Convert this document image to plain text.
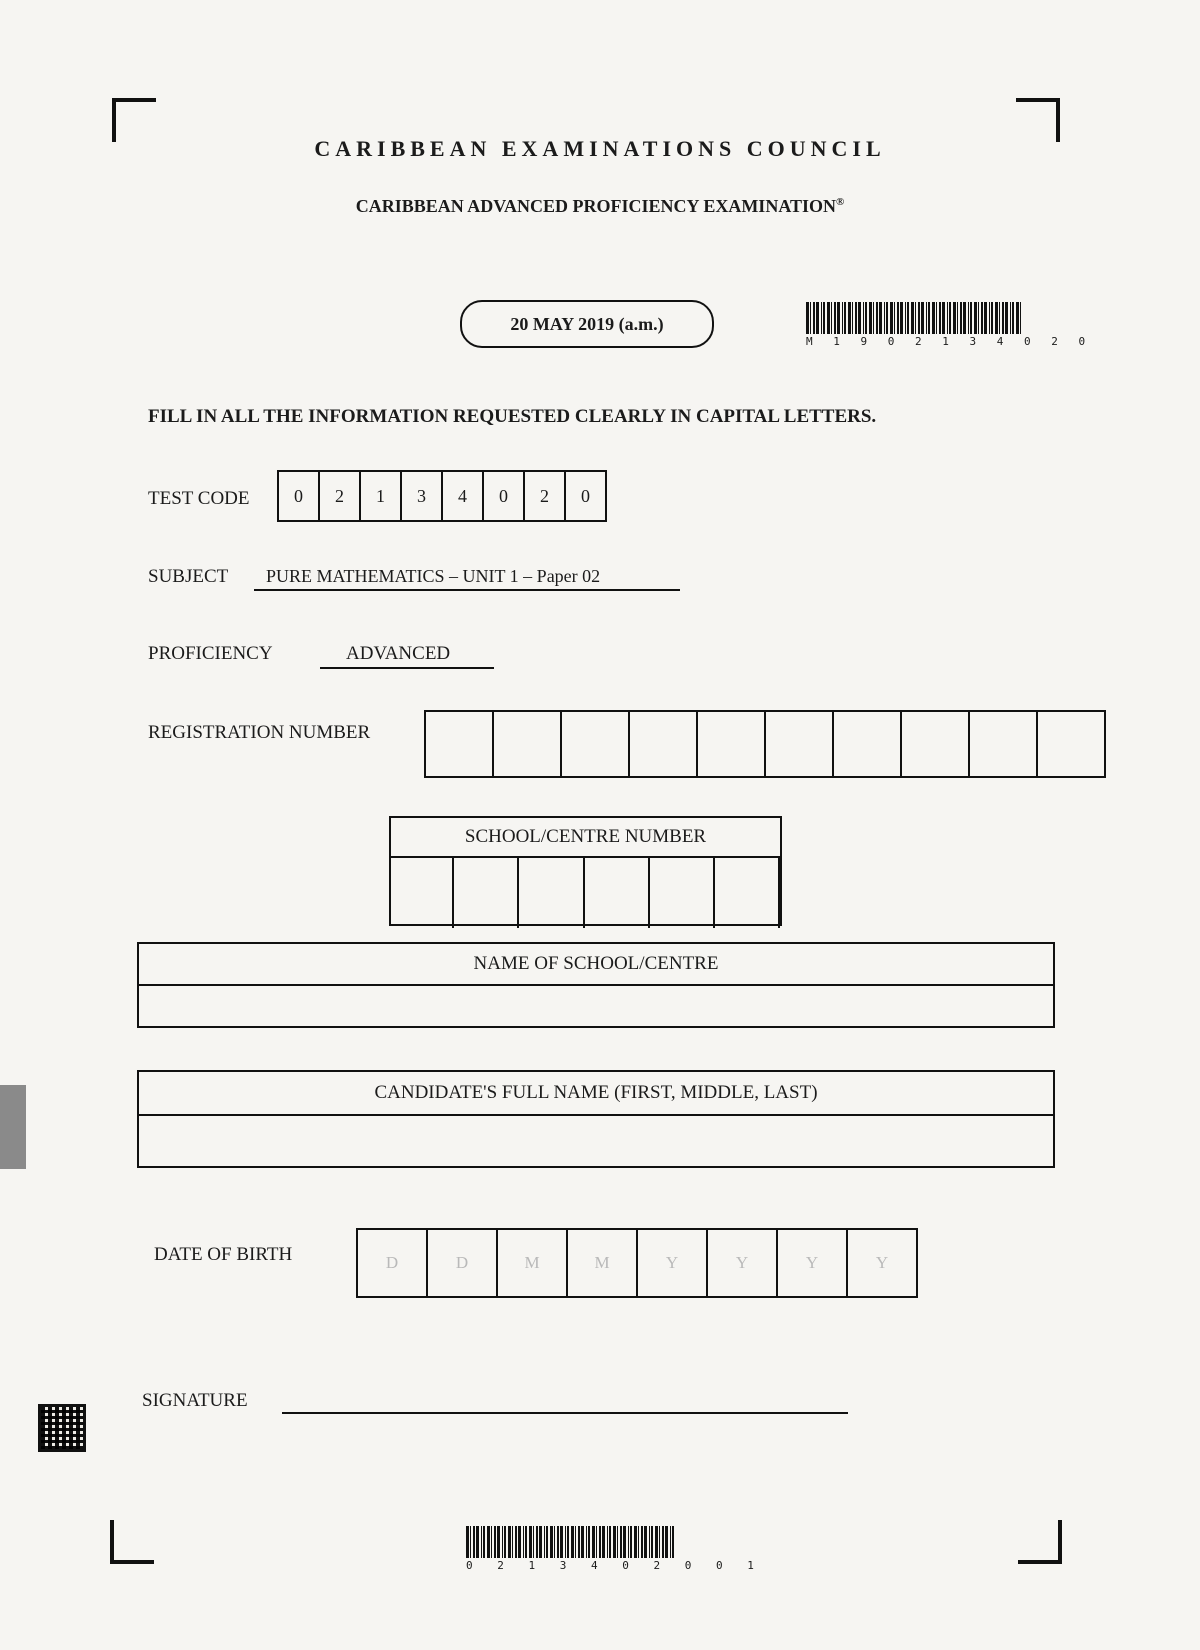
CARIBBEAN EXAMINATIONS COUNCIL
CARIBBEAN ADVANCED PROFICIENCY EXAMINATION®
20 MAY 2019 (a.m.)
M 1 9 0 2 1 3 4 0 2 0
FILL IN ALL THE INFORMATION REQUESTED CLEARLY IN CAPITAL LETTERS.
TEST CODE	0	2	1	3	4	0	2	0
SUBJECT	PURE MATHEMATICS – UNIT 1 – Paper 02
PROFICIENCY	ADVANCED
REGISTRATION NUMBER
SCHOOL/CENTRE NUMBER
NAME OF SCHOOL/CENTRE
CANDIDATE'S FULL NAME (FIRST, MIDDLE, LAST)
DATE OF BIRTH	D	D	M	M	Y	Y	Y	Y
SIGNATURE
0 2 1 3 4 0 2 0 0 1
